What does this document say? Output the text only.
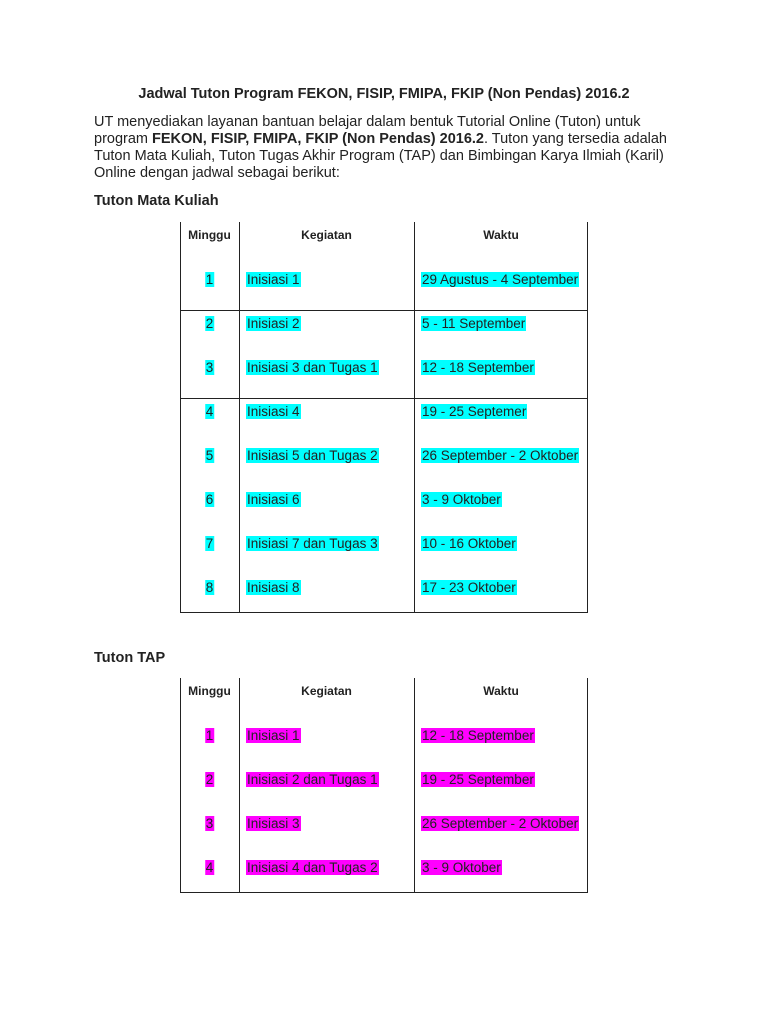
Jadwal Tuton Program FEKON, FISIP, FMIPA, FKIP (Non Pendas) 2016.2
UT menyediakan layanan bantuan belajar dalam bentuk Tutorial Online (Tuton) untuk program FEKON, FISIP, FMIPA, FKIP (Non Pendas) 2016.2. Tuton yang tersedia adalah Tuton Mata Kuliah, Tuton Tugas Akhir Program (TAP) dan Bimbingan Karya Ilmiah (Karil) Online dengan jadwal sebagai berikut:
Tuton Mata Kuliah
Minggu	Kegiatan	Waktu
1 Inisiasi 1	29 Agustus - 4 September
2 Inisiasi 2	5 - 11 September
3 Inisiasi 3 dan Tugas 1	12 - 18 September
4 Inisiasi 4	19 - 25 Septemer
5 Inisiasi 5 dan Tugas 2	26 September - 2 Oktober
6 Inisiasi 6	3 - 9 Oktober
7 Inisiasi 7 dan Tugas 3	10 - 16 Oktober
8 Inisiasi 8	17 - 23 Oktober
Tuton TAP
Minggu	Kegiatan	Waktu
1 Inisiasi 1	12 - 18 September
2 Inisiasi 2 dan Tugas 1	19 - 25 September
3 Inisiasi 3	26 September - 2 Oktober
4 Inisiasi 4 dan Tugas 2	3 - 9 Oktober
